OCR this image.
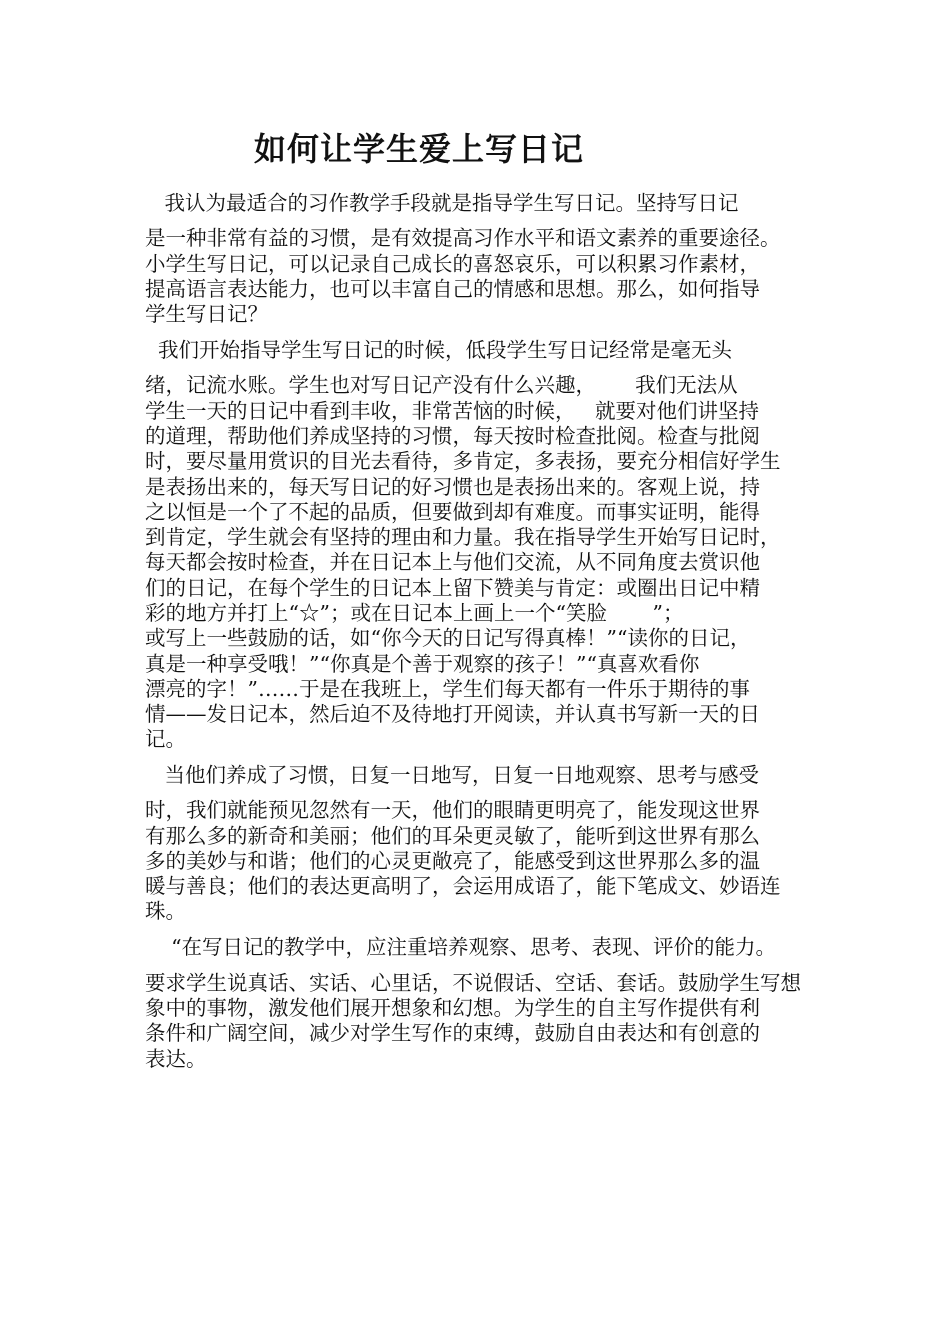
如何让学生爱上写日记

我认为最适合的习作教学手段就是指导学生写日记。坚持写日记

是一种非常有益的习惯，是有效提高习作水平和语文素养的重要途径。

小学生写日记，可以记录自己成长的喜怒哀乐，可以积累习作素材，

提高语言表达能力，也可以丰富自己的情感和思想。那么，如何指导

学生写日记？

我们开始指导学生写日记的时候，低段学生写日记经常是毫无头

绪，记流水账。学生也对写日记产没有什么兴趣，      我们无法从

学生一天的日记中看到丰收，非常苦恼的时候，   就要对他们讲坚持

的道理，帮助他们养成坚持的习惯，每天按时检查批阅。检查与批阅

时，要尽量用赏识的目光去看待，多肯定，多表扬，要充分相信好学生

是表扬出来的，每天写日记的好习惯也是表扬出来的。客观上说，持

之以恒是一个了不起的品质，但要做到却有难度。而事实证明，能得

到肯定，学生就会有坚持的理由和力量。我在指导学生开始写日记时，

每天都会按时检查，并在日记本上与他们交流，从不同角度去赏识他

们的日记，在每个学生的日记本上留下赞美与肯定：或圈出日记中精

彩的地方并打上“☆”；或在日记本上画上一个“笑脸       ”；

或写上一些鼓励的话，如“你今天的日记写得真棒！”“读你的日记，

真是一种享受哦！”“你真是个善于观察的孩子！”“真喜欢看你

漂亮的字！”……于是在我班上，学生们每天都有一件乐于期待的事

情——发日记本，然后迫不及待地打开阅读，并认真书写新一天的日

记。

当他们养成了习惯，日复一日地写，日复一日地观察、思考与感受

时，我们就能预见忽然有一天，他们的眼睛更明亮了，能发现这世界

有那么多的新奇和美丽；他们的耳朵更灵敏了，能听到这世界有那么

多的美妙与和谐；他们的心灵更敞亮了，能感受到这世界那么多的温

暖与善良；他们的表达更高明了，会运用成语了，能下笔成文、妙语连

珠。

“在写日记的教学中，应注重培养观察、思考、表现、评价的能力。

要求学生说真话、实话、心里话，不说假话、空话、套话。鼓励学生写想

象中的事物，激发他们展开想象和幻想。为学生的自主写作提供有利

条件和广阔空间，减少对学生写作的束缚，鼓励自由表达和有创意的

表达。
